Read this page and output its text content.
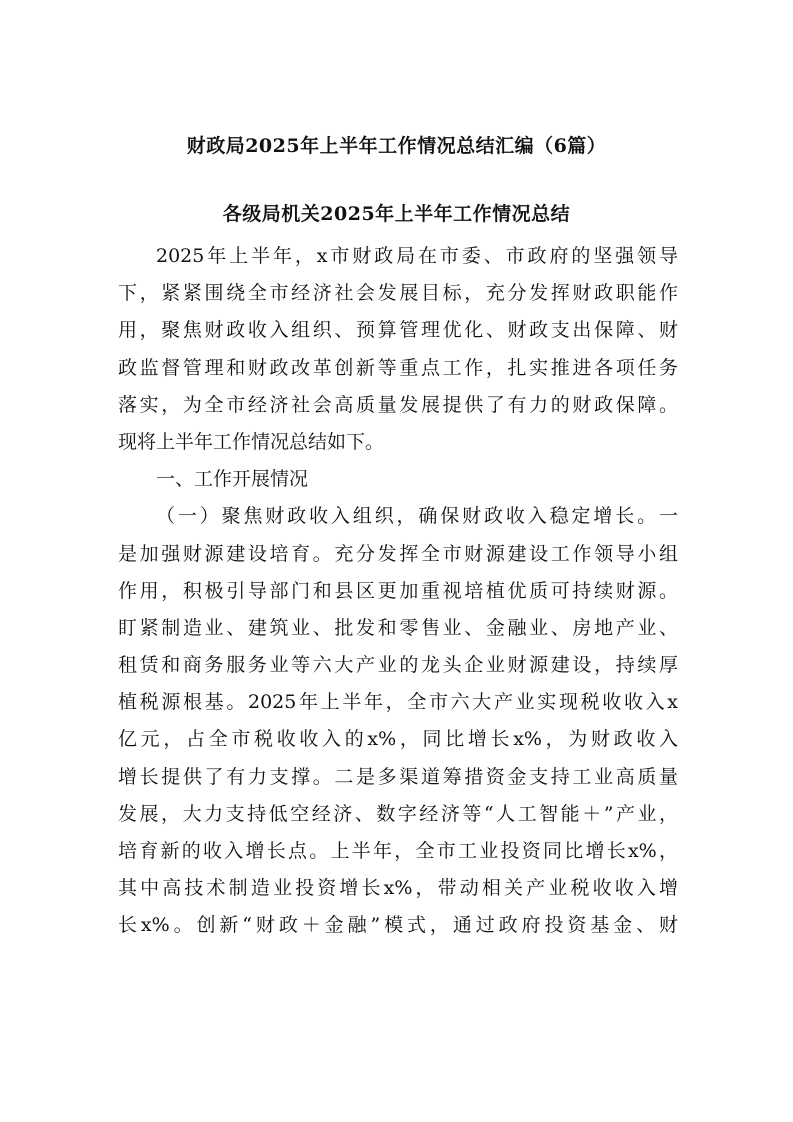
财政局2025年上半年工作情况总结汇编（6篇）
各级局机关2025年上半年工作情况总结
2025年上半年，x市财政局在市委、市政府的坚强领导
下，紧紧围绕全市经济社会发展目标，充分发挥财政职能作
用，聚焦财政收入组织、预算管理优化、财政支出保障、财
政监督管理和财政改革创新等重点工作，扎实推进各项任务
落实，为全市经济社会高质量发展提供了有力的财政保障。
现将上半年工作情况总结如下。
一、工作开展情况
（一）聚焦财政收入组织，确保财政收入稳定增长。一
是加强财源建设培育。充分发挥全市财源建设工作领导小组
作用，积极引导部门和县区更加重视培植优质可持续财源。
盯紧制造业、建筑业、批发和零售业、金融业、房地产业、
租赁和商务服务业等六大产业的龙头企业财源建设，持续厚
植税源根基。2025年上半年，全市六大产业实现税收收入x
亿元，占全市税收收入的x%，同比增长x%，为财政收入
增长提供了有力支撑。二是多渠道筹措资金支持工业高质量
发展，大力支持低空经济、数字经济等“人工智能＋”产业，
培育新的收入增长点。上半年，全市工业投资同比增长x%，
其中高技术制造业投资增长x%，带动相关产业税收收入增
长x%。创新“财政＋金融”模式，通过政府投资基金、财
